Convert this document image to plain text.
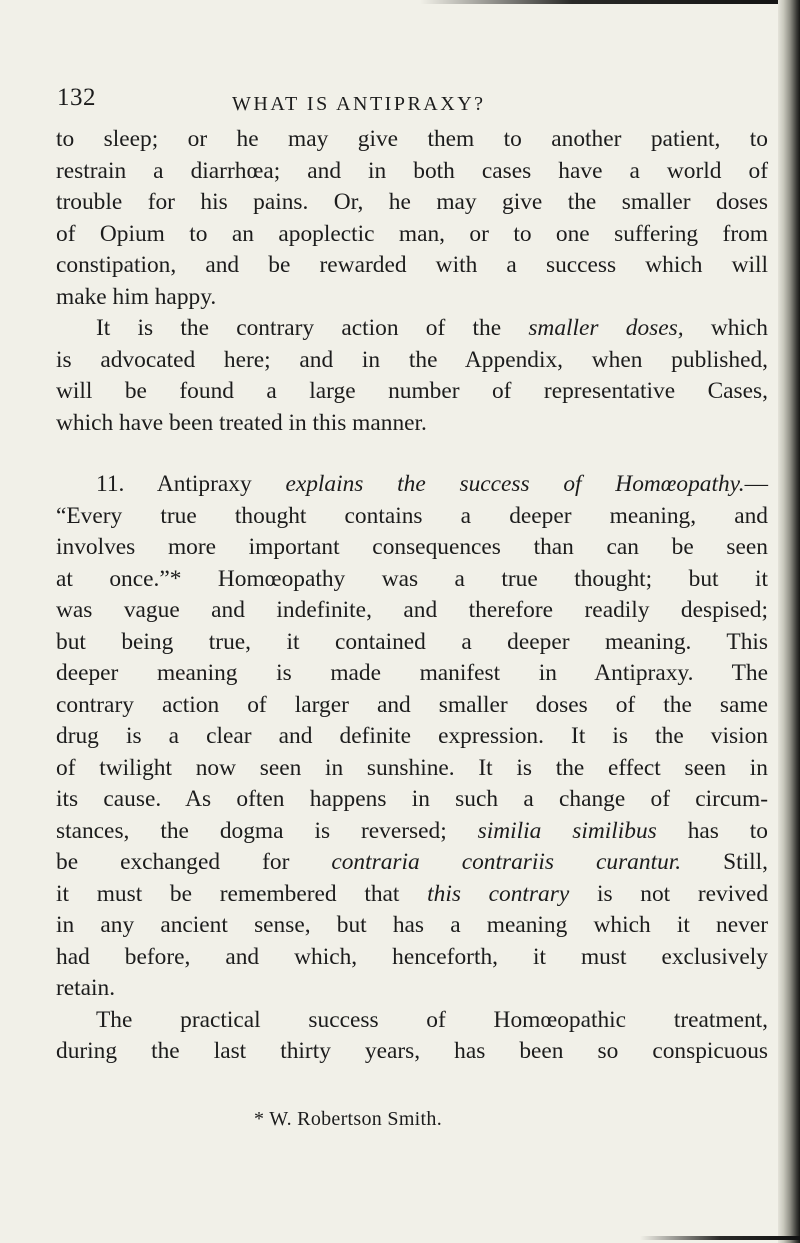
132	WHAT IS ANTIPRAXY?
to sleep; or he may give them to another patient, to
restrain a diarrhœa; and in both cases have a world of
trouble for his pains. Or, he may give the smaller doses
of Opium to an apoplectic man, or to one suffering from
constipation, and be rewarded with a success which will
make him happy.
It is the contrary action of the smaller doses, which
is advocated here; and in the Appendix, when published,
will be found a large number of representative Cases,
which have been treated in this manner.
11. Antipraxy explains the success of Homœopathy.—
“Every true thought contains a deeper meaning, and
involves more important consequences than can be seen
at once.”* Homœopathy was a true thought; but it
was vague and indefinite, and therefore readily despised;
but being true, it contained a deeper meaning. This
deeper meaning is made manifest in Antipraxy. The
contrary action of larger and smaller doses of the same
drug is a clear and definite expression. It is the vision
of twilight now seen in sunshine. It is the effect seen in
its cause. As often happens in such a change of circum-
stances, the dogma is reversed; similia similibus has to
be exchanged for contraria contrariis curantur. Still,
it must be remembered that this contrary is not revived
in any ancient sense, but has a meaning which it never
had before, and which, henceforth, it must exclusively
retain.
The practical success of Homœopathic treatment,
during the last thirty years, has been so conspicuous
* W. Robertson Smith.
